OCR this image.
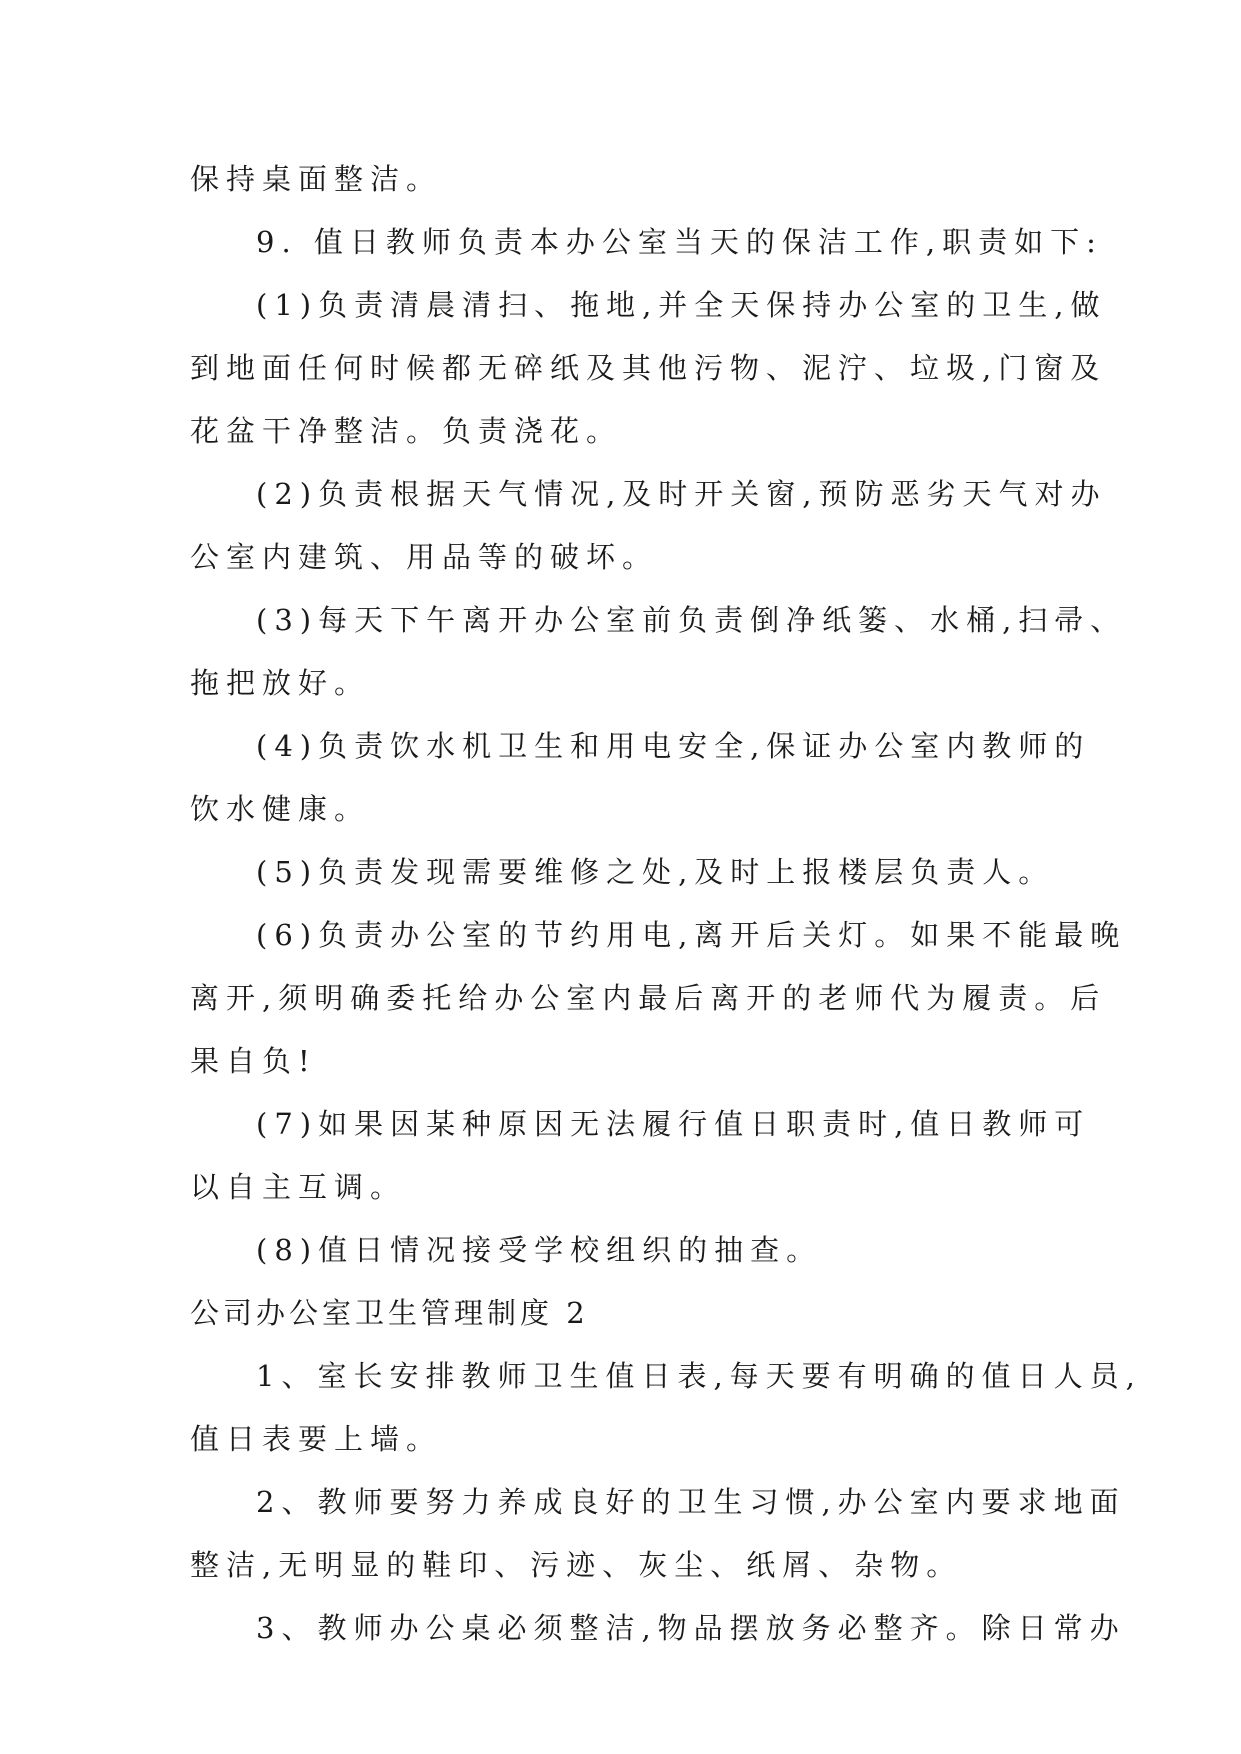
保持桌面整洁。

9. 值日教师负责本办公室当天的保洁工作,职责如下:

(1)负责清晨清扫、拖地,并全天保持办公室的卫生,做

到地面任何时候都无碎纸及其他污物、泥泞、垃圾,门窗及

花盆干净整洁。负责浇花。

(2)负责根据天气情况,及时开关窗,预防恶劣天气对办

公室内建筑、用品等的破坏。

(3)每天下午离开办公室前负责倒净纸篓、水桶,扫帚、

拖把放好。

(4)负责饮水机卫生和用电安全,保证办公室内教师的

饮水健康。

(5)负责发现需要维修之处,及时上报楼层负责人。

(6)负责办公室的节约用电,离开后关灯。如果不能最晚

离开,须明确委托给办公室内最后离开的老师代为履责。后

果自负!

(7)如果因某种原因无法履行值日职责时,值日教师可

以自主互调。

(8)值日情况接受学校组织的抽查。

公司办公室卫生管理制度 2

1、室长安排教师卫生值日表,每天要有明确的值日人员,

值日表要上墙。

2、教师要努力养成良好的卫生习惯,办公室内要求地面

整洁,无明显的鞋印、污迹、灰尘、纸屑、杂物。

3、教师办公桌必须整洁,物品摆放务必整齐。除日常办
